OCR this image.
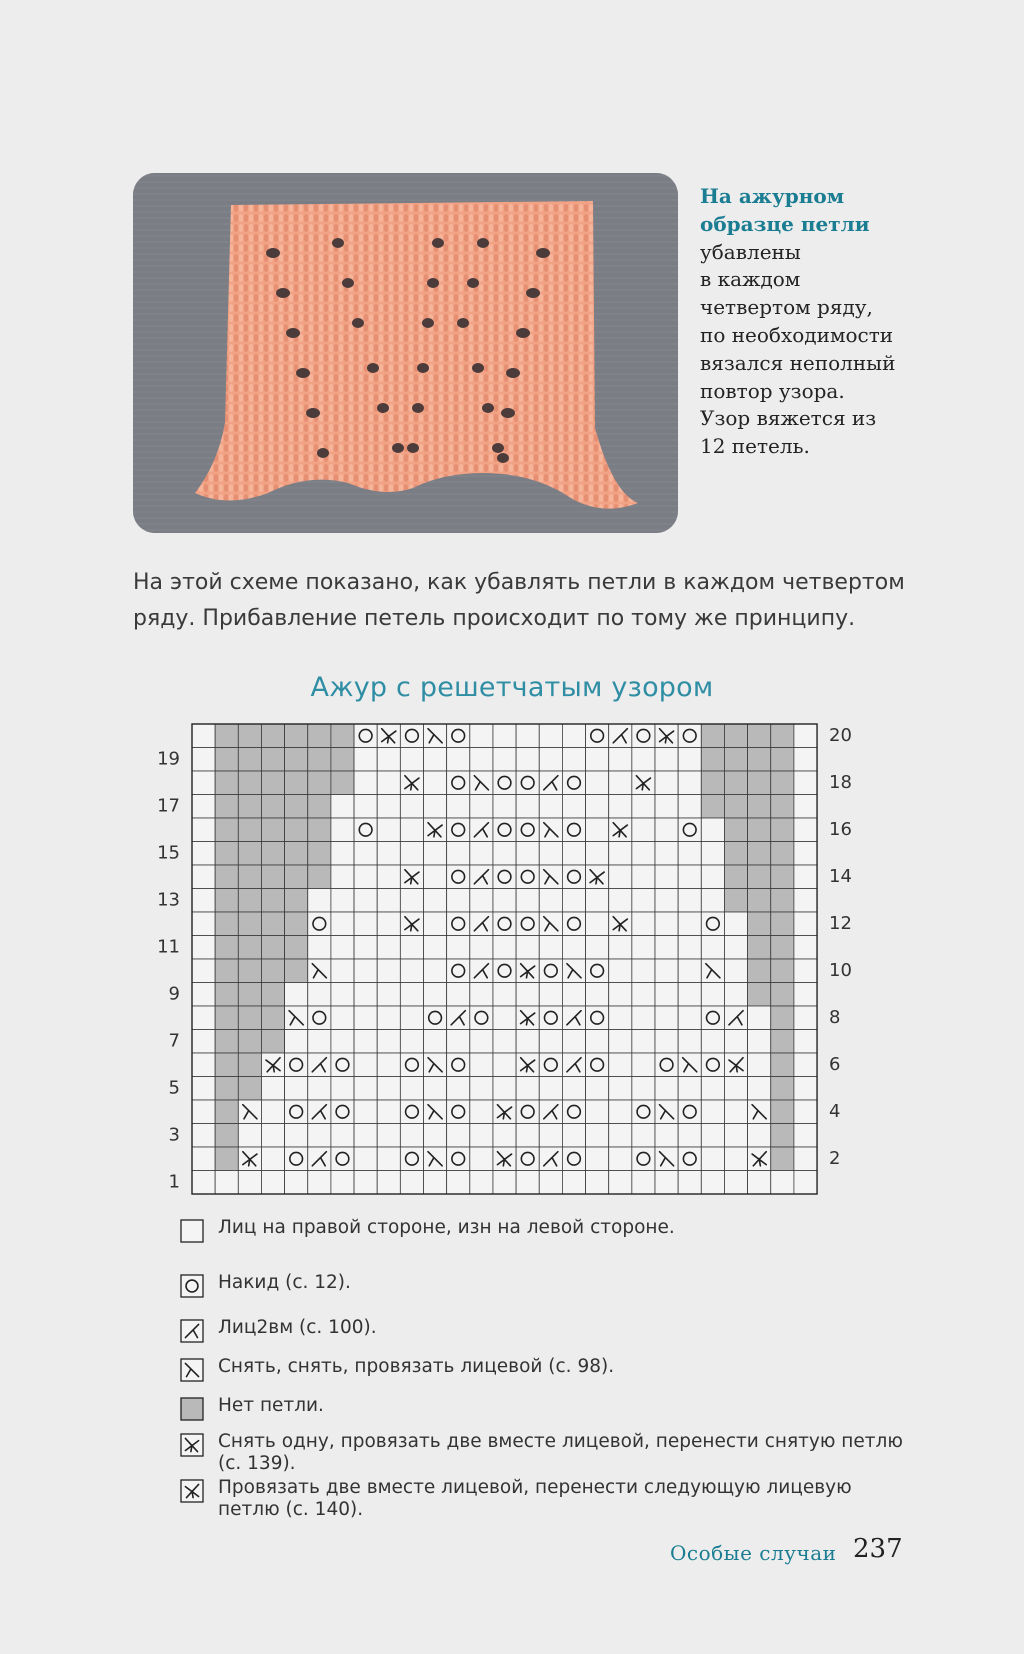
На ажурном
образце петли
убавлены
в каждом
четвертом ряду,
по необходимости
вязался неполный
повтор узора.
Узор вяжется из
12 петель.
На этой схеме показано, как убавлять петли в каждом четвертом
ряду. Прибавление петель происходит по тому же принципу.
Ажур с решетчатым узором
20
18
16
14
12
10
8
6
4
2
19
17
15
13
11
9
7
5
3
1
Лиц на правой стороне, изн на левой стороне.
Накид (с. 12).
Лиц2вм (с. 100).
Снять, снять, провязать лицевой (с. 98).
Нет петли.
Снять одну, провязать две вместе лицевой, перенести снятую петлю (с. 139).
Провязать две вместе лицевой, перенести следующую лицевую петлю (с. 140).
Особые случаи 237
